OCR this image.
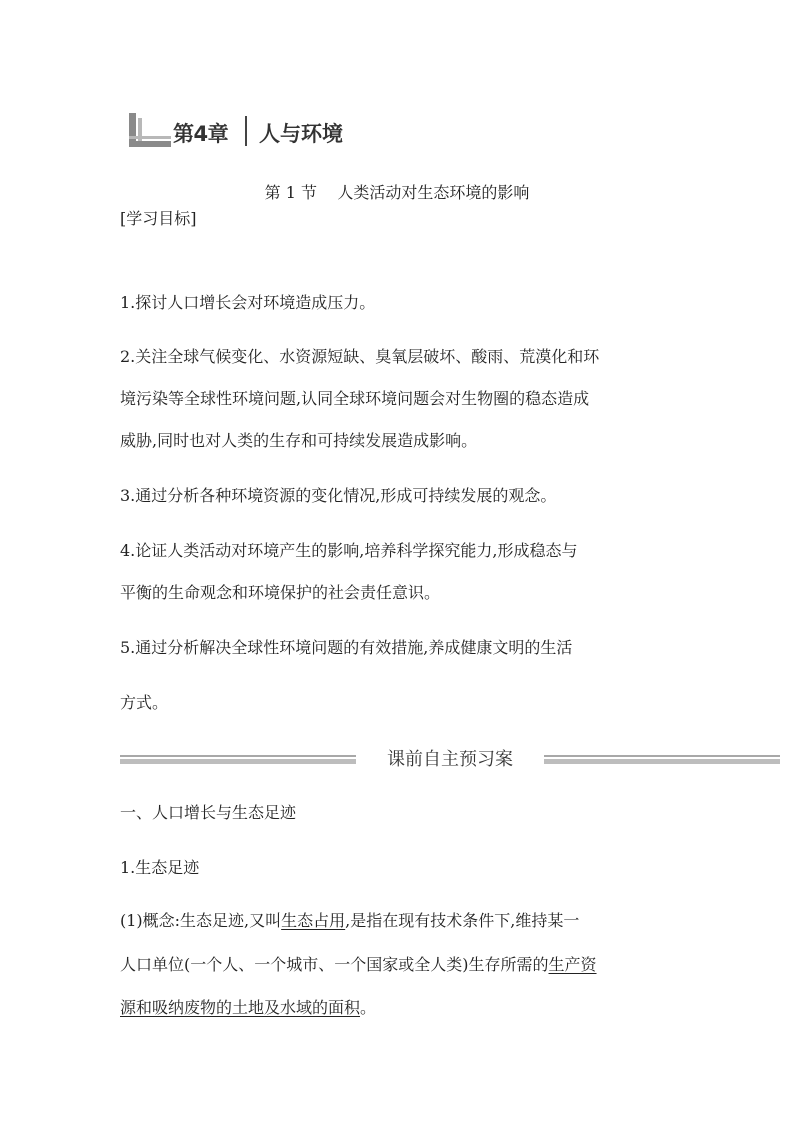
第4章 人与环境
第 1 节    人类活动对生态环境的影响
[学习目标]
1.探讨人口增长会对环境造成压力。
2.关注全球气候变化、水资源短缺、臭氧层破坏、酸雨、荒漠化和环
境污染等全球性环境问题,认同全球环境问题会对生物圈的稳态造成
威胁,同时也对人类的生存和可持续发展造成影响。
3.通过分析各种环境资源的变化情况,形成可持续发展的观念。
4.论证人类活动对环境产生的影响,培养科学探究能力,形成稳态与
平衡的生命观念和环境保护的社会责任意识。
5.通过分析解决全球性环境问题的有效措施,养成健康文明的生活
方式。
课前自主预习案
一、人口增长与生态足迹
1.生态足迹
(1)概念:生态足迹,又叫生态占用,是指在现有技术条件下,维持某一
人口单位(一个人、一个城市、一个国家或全人类)生存所需的生产资
源和吸纳废物的土地及水域的面积。
